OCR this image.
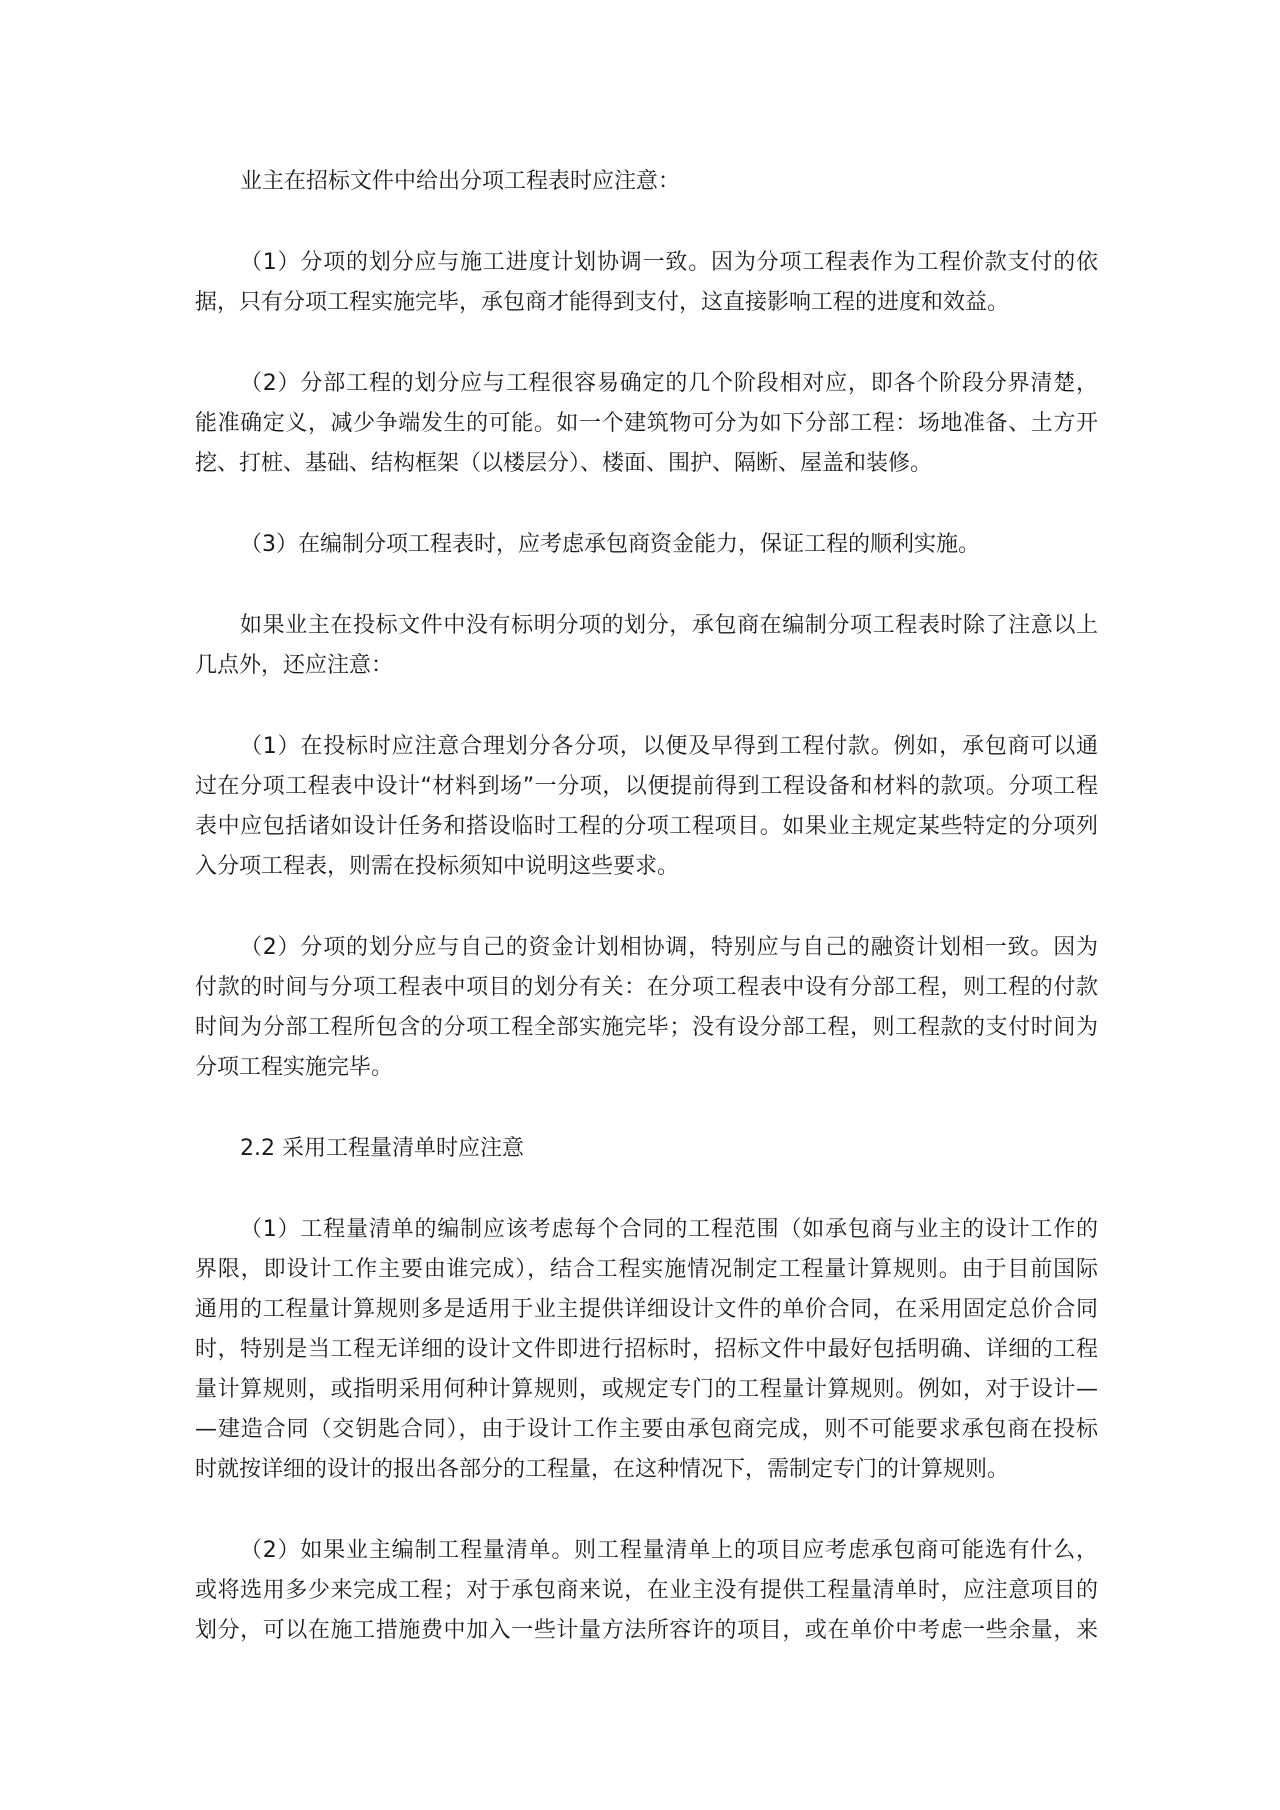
业主在招标文件中给出分项工程表时应注意：
（1）分项的划分应与施工进度计划协调一致。因为分项工程表作为工程价款支付的依
据，只有分项工程实施完毕，承包商才能得到支付，这直接影响工程的进度和效益。
（2）分部工程的划分应与工程很容易确定的几个阶段相对应，即各个阶段分界清楚，
能准确定义，减少争端发生的可能。如一个建筑物可分为如下分部工程：场地准备、土方开
挖、打桩、基础、结构框架（以楼层分）、楼面、围护、隔断、屋盖和装修。
（3）在编制分项工程表时，应考虑承包商资金能力，保证工程的顺利实施。
如果业主在投标文件中没有标明分项的划分，承包商在编制分项工程表时除了注意以上
几点外，还应注意：
（1）在投标时应注意合理划分各分项，以便及早得到工程付款。例如，承包商可以通
过在分项工程表中设计“材料到场”一分项，以便提前得到工程设备和材料的款项。分项工程
表中应包括诸如设计任务和搭设临时工程的分项工程项目。如果业主规定某些特定的分项列
入分项工程表，则需在投标须知中说明这些要求。
（2）分项的划分应与自己的资金计划相协调，特别应与自己的融资计划相一致。因为
付款的时间与分项工程表中项目的划分有关：在分项工程表中设有分部工程，则工程的付款
时间为分部工程所包含的分项工程全部实施完毕；没有设分部工程，则工程款的支付时间为
分项工程实施完毕。
2.2 采用工程量清单时应注意
（1）工程量清单的编制应该考虑每个合同的工程范围（如承包商与业主的设计工作的
界限，即设计工作主要由谁完成），结合工程实施情况制定工程量计算规则。由于目前国际
通用的工程量计算规则多是适用于业主提供详细设计文件的单价合同，在采用固定总价合同
时，特别是当工程无详细的设计文件即进行招标时，招标文件中最好包括明确、详细的工程
量计算规则，或指明采用何种计算规则，或规定专门的工程量计算规则。例如，对于设计—
—建造合同（交钥匙合同），由于设计工作主要由承包商完成，则不可能要求承包商在投标
时就按详细的设计的报出各部分的工程量，在这种情况下，需制定专门的计算规则。
（2）如果业主编制工程量清单。则工程量清单上的项目应考虑承包商可能选有什么，
或将选用多少来完成工程；对于承包商来说，在业主没有提供工程量清单时，应注意项目的
划分，可以在施工措施费中加入一些计量方法所容许的项目，或在单价中考虑一些余量，来
